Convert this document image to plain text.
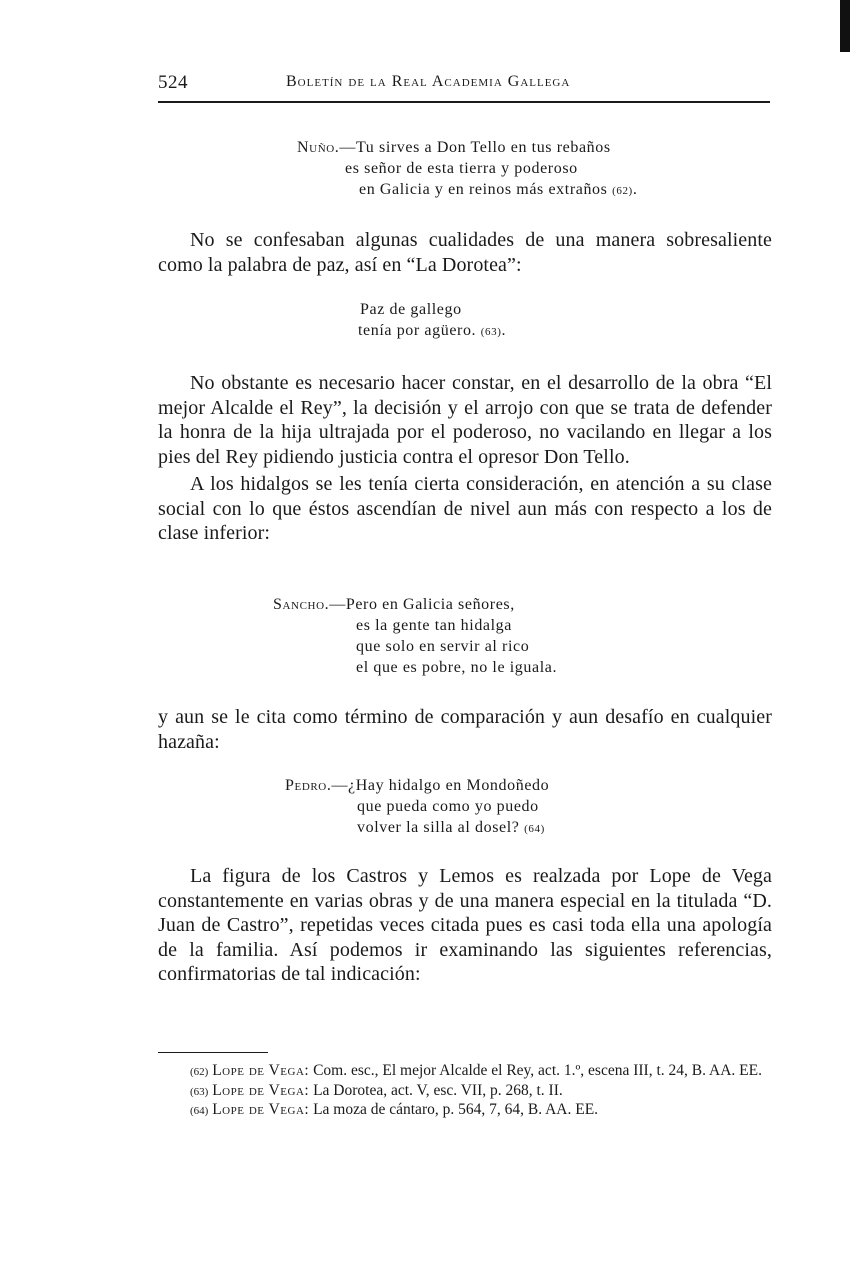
524	Boletín de la Real Academia Gallega
Nuño.—Tu sirves a Don Tello en tus rebaños
es señor de esta tierra y poderoso
en Galicia y en reinos más extraños (62).

No se confesaban algunas cualidades de una manera sobresaliente como la palabra de paz, así en “La Dorotea”:

Paz de gallego
tenía por agüero. (63).

No obstante es necesario hacer constar, en el desarrollo de la obra “El mejor Alcalde el Rey”, la decisión y el arrojo con que se trata de defender la honra de la hija ultrajada por el poderoso, no vacilando en llegar a los pies del Rey pidiendo justicia contra el opresor Don Tello.

A los hidalgos se les tenía cierta consideración, en atención a su clase social con lo que éstos ascendían de nivel aun más con respecto a los de clase inferior:

Sancho.—Pero en Galicia señores,
es la gente tan hidalga
que solo en servir al rico
el que es pobre, no le iguala.

y aun se le cita como término de comparación y aun desafío en cualquier hazaña:

Pedro.—¿Hay hidalgo en Mondoñedo
que pueda como yo puedo
volver la silla al dosel? (64)

La figura de los Castros y Lemos es realzada por Lope de Vega constantemente en varias obras y de una manera especial en la titulada “D. Juan de Castro”, repetidas veces citada pues es casi toda ella una apología de la familia. Así podemos ir examinando las siguientes referencias, confirmatorias de tal indicación:

(62) Lope de Vega: Com. esc., El mejor Alcalde el Rey, act. 1.º, escena III, t. 24, B. AA. EE.

(63) Lope de Vega: La Dorotea, act. V, esc. VII, p. 268, t. II.

(64) Lope de Vega: La moza de cántaro, p. 564, 7, 64, B. AA. EE.
